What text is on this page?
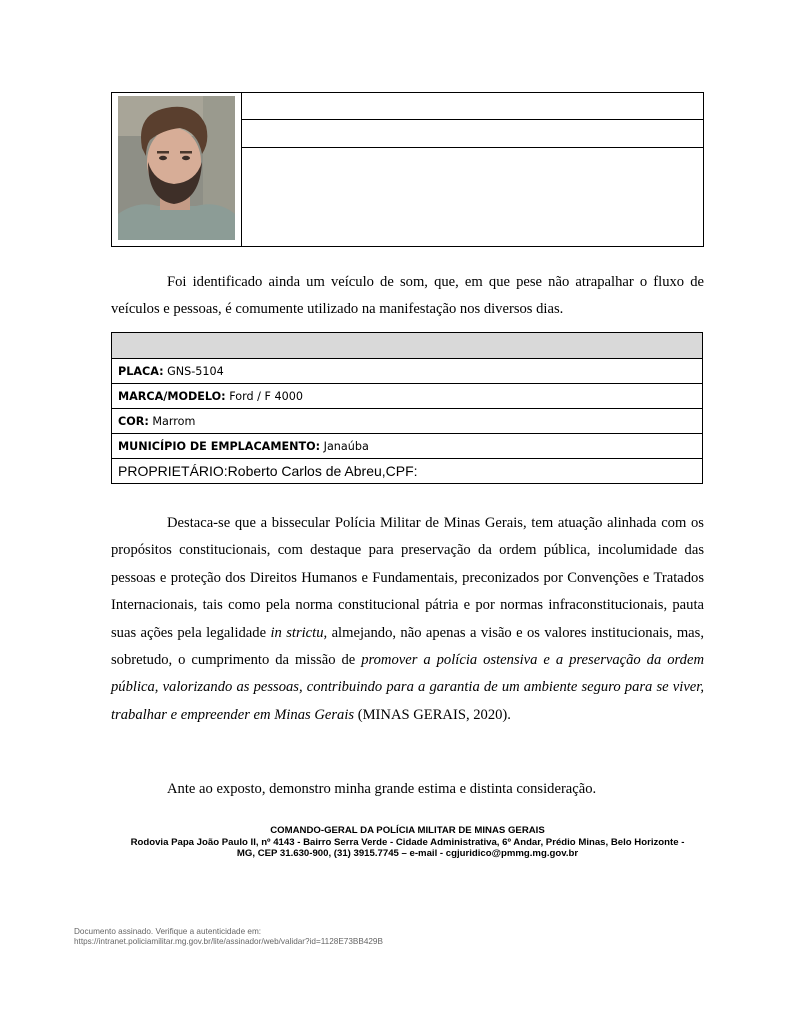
Foi identificado ainda um veículo de som, que, em que pese não atrapalhar o fluxo de veículos e pessoas, é comumente utilizado na manifestação nos diversos dias.

PLACA: GNS-5104
MARCA/MODELO: Ford / F 4000
COR: Marrom
MUNICÍPIO DE EMPLACAMENTO: Janaúba
PROPRIETÁRIO:Roberto Carlos de Abreu,CPF:

Destaca-se que a bissecular Polícia Militar de Minas Gerais, tem atuação alinhada com os propósitos constitucionais, com destaque para preservação da ordem pública, incolumidade das pessoas e proteção dos Direitos Humanos e Fundamentais, preconizados por Convenções e Tratados Internacionais, tais como pela norma constitucional pátria e por normas infraconstitucionais, pauta suas ações pela legalidade in strictu, almejando, não apenas a visão e os valores institucionais, mas, sobretudo, o cumprimento da missão de promover a polícia ostensiva e a preservação da ordem pública, valorizando as pessoas, contribuindo para a garantia de um ambiente seguro para se viver, trabalhar e empreender em Minas Gerais (MINAS GERAIS, 2020).

Ante ao exposto, demonstro minha grande estima e distinta consideração.

COMANDO-GERAL DA POLÍCIA MILITAR DE MINAS GERAIS
Rodovia Papa João Paulo II, nº 4143 - Bairro Serra Verde - Cidade Administrativa, 6º Andar, Prédio Minas, Belo Horizonte - MG, CEP 31.630-900, (31) 3915.7745 – e-mail - cgjuridico@pmmg.mg.gov.br
Documento assinado. Verifique a autenticidade em:
https://intranet.policiamilitar.mg.gov.br/lite/assinador/web/validar?id=1128E73BB429B
